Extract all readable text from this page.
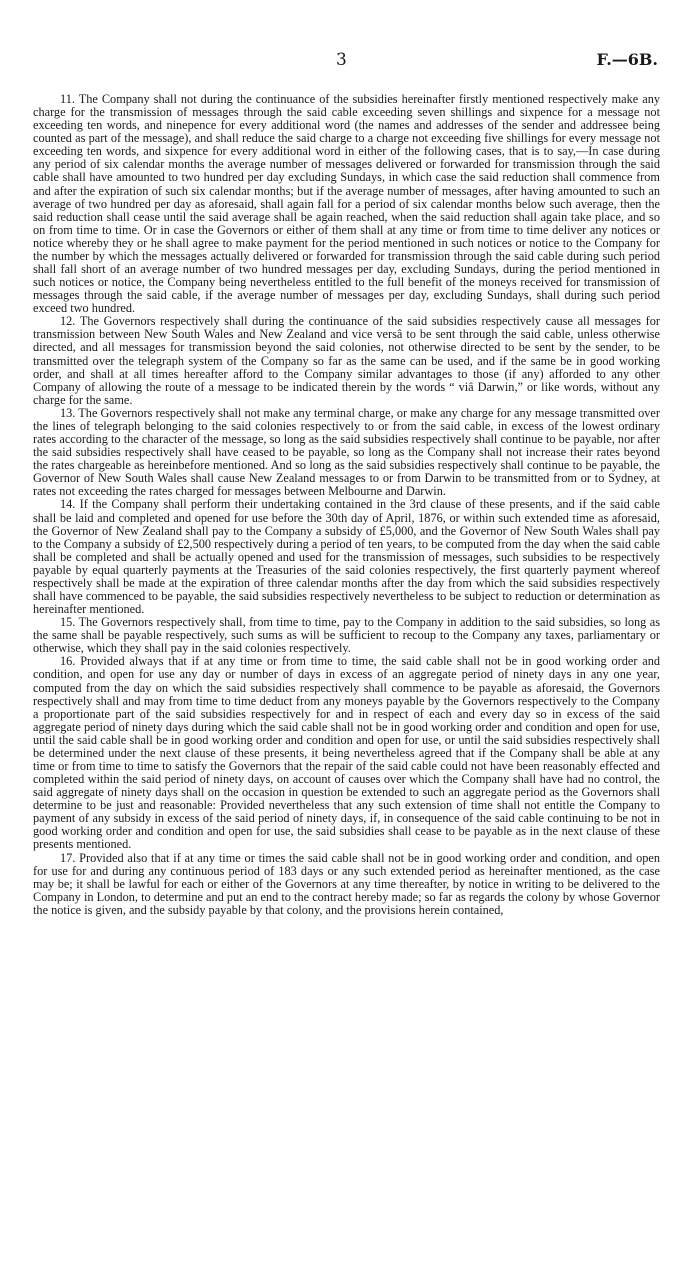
3	F.—6B.

11. The Company shall not during the continuance of the subsidies hereinafter firstly mentioned respectively make any charge for the transmission of messages through the said cable exceeding seven shillings and sixpence for a message not exceeding ten words, and ninepence for every additional word (the names and addresses of the sender and addressee being counted as part of the message), and shall reduce the said charge to a charge not exceeding five shillings for every message not exceeding ten words, and sixpence for every additional word in either of the following cases, that is to say,—In case during any period of six calendar months the average number of messages delivered or forwarded for transmission through the said cable shall have amounted to two hundred per day excluding Sundays, in which case the said reduction shall commence from and after the expiration of such six calendar months; but if the average number of messages, after having amounted to such an average of two hundred per day as aforesaid, shall again fall for a period of six calendar months below such average, then the said reduction shall cease until the said average shall be again reached, when the said reduction shall again take place, and so on from time to time. Or in case the Governors or either of them shall at any time or from time to time deliver any notices or notice whereby they or he shall agree to make payment for the period mentioned in such notices or notice to the Company for the number by which the messages actually delivered or forwarded for transmission through the said cable during such period shall fall short of an average number of two hundred messages per day, excluding Sundays, during the period mentioned in such notices or notice, the Company being nevertheless entitled to the full benefit of the moneys received for transmission of messages through the said cable, if the average number of messages per day, excluding Sundays, shall during such period exceed two hundred.

12. The Governors respectively shall during the continuance of the said subsidies respectively cause all messages for transmission between New South Wales and New Zealand and vice versâ to be sent through the said cable, unless otherwise directed, and all messages for transmission beyond the said colonies, not otherwise directed to be sent by the sender, to be transmitted over the telegraph system of the Company so far as the same can be used, and if the same be in good working order, and shall at all times hereafter afford to the Company similar advantages to those (if any) afforded to any other Company of allowing the route of a message to be indicated therein by the words “ viâ Darwin,” or like words, without any charge for the same.

13. The Governors respectively shall not make any terminal charge, or make any charge for any message transmitted over the lines of telegraph belonging to the said colonies respectively to or from the said cable, in excess of the lowest ordinary rates according to the character of the message, so long as the said subsidies respectively shall continue to be payable, nor after the said subsidies respectively shall have ceased to be payable, so long as the Company shall not increase their rates beyond the rates chargeable as hereinbefore mentioned. And so long as the said subsidies respectively shall continue to be payable, the Governor of New South Wales shall cause New Zealand messages to or from Darwin to be transmitted from or to Sydney, at rates not exceeding the rates charged for messages between Melbourne and Darwin.

14. If the Company shall perform their undertaking contained in the 3rd clause of these presents, and if the said cable shall be laid and completed and opened for use before the 30th day of April, 1876, or within such extended time as aforesaid, the Governor of New Zealand shall pay to the Company a subsidy of £5,000, and the Governor of New South Wales shall pay to the Company a subsidy of £2,500 respectively during a period of ten years, to be computed from the day when the said cable shall be completed and shall be actually opened and used for the transmission of messages, such subsidies to be respectively payable by equal quarterly payments at the Treasuries of the said colonies respectively, the first quarterly payment whereof respectively shall be made at the expiration of three calendar months after the day from which the said subsidies respectively shall have commenced to be payable, the said subsidies respectively nevertheless to be subject to reduction or determination as hereinafter mentioned.

15. The Governors respectively shall, from time to time, pay to the Company in addition to the said subsidies, so long as the same shall be payable respectively, such sums as will be sufficient to recoup to the Company any taxes, parliamentary or otherwise, which they shall pay in the said colonies respectively.

16. Provided always that if at any time or from time to time, the said cable shall not be in good working order and condition, and open for use any day or number of days in excess of an aggregate period of ninety days in any one year, computed from the day on which the said subsidies respectively shall commence to be payable as aforesaid, the Governors respectively shall and may from time to time deduct from any moneys payable by the Governors respectively to the Company a proportionate part of the said subsidies respectively for and in respect of each and every day so in excess of the said aggregate period of ninety days during which the said cable shall not be in good working order and condition and open for use, until the said cable shall be in good working order and condition and open for use, or until the said subsidies respectively shall be determined under the next clause of these presents, it being nevertheless agreed that if the Company shall be able at any time or from time to time to satisfy the Governors that the repair of the said cable could not have been reasonably effected and completed within the said period of ninety days, on account of causes over which the Company shall have had no control, the said aggregate of ninety days shall on the occasion in question be extended to such an aggregate period as the Governors shall determine to be just and reasonable: Provided nevertheless that any such extension of time shall not entitle the Company to payment of any subsidy in excess of the said period of ninety days, if, in consequence of the said cable continuing to be not in good working order and condition and open for use, the said subsidies shall cease to be payable as in the next clause of these presents mentioned.

17. Provided also that if at any time or times the said cable shall not be in good working order and condition, and open for use for and during any continuous period of 183 days or any such extended period as hereinafter mentioned, as the case may be; it shall be lawful for each or either of the Governors at any time thereafter, by notice in writing to be delivered to the Company in London, to determine and put an end to the contract hereby made; so far as regards the colony by whose Governor the notice is given, and the subsidy payable by that colony, and the provisions herein contained,
